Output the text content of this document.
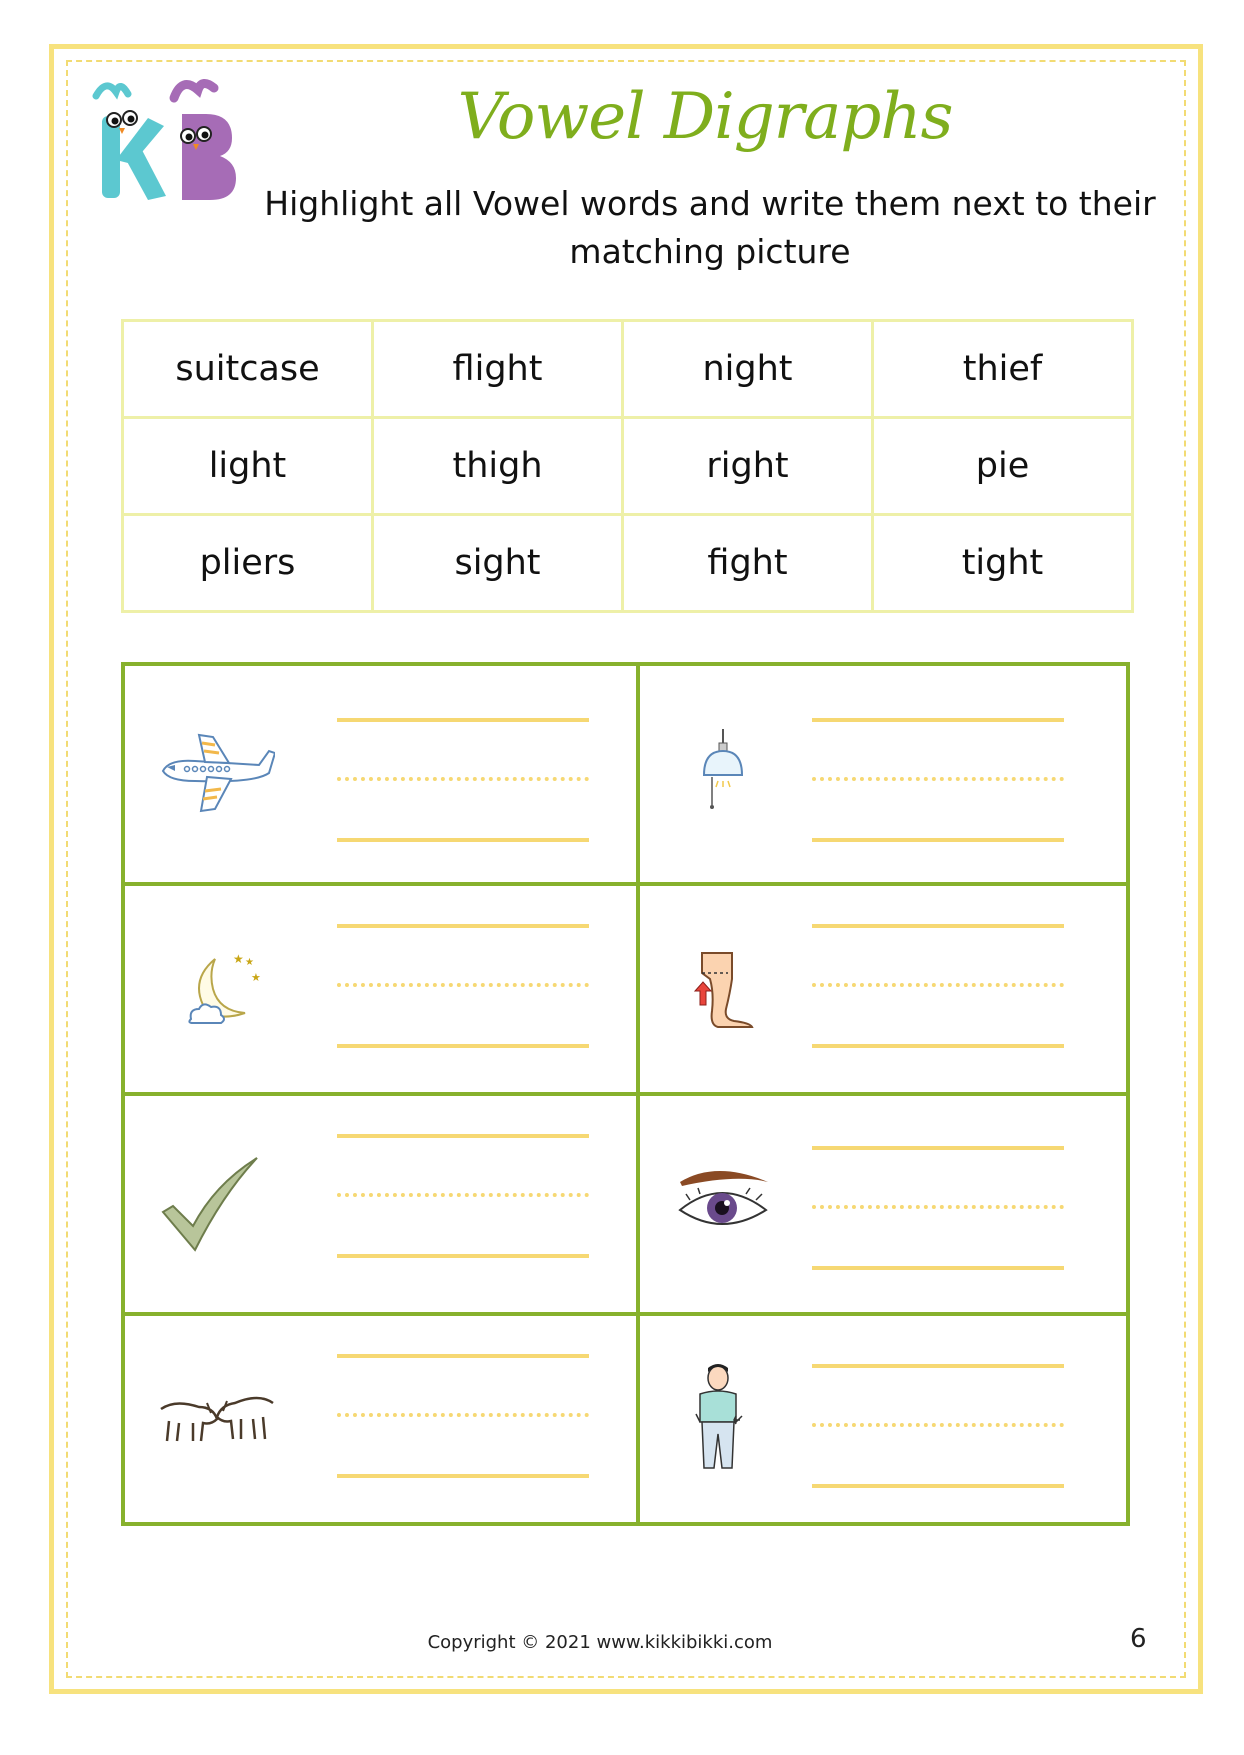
Vowel Digraphs
Highlight all Vowel words and write them next to their matching picture
suitcase	flight	night	thief
light	thigh	right	pie
pliers	sight	fight	tight

★ ★
★

Copyright © 2021 www.kikkibikki.com	6
